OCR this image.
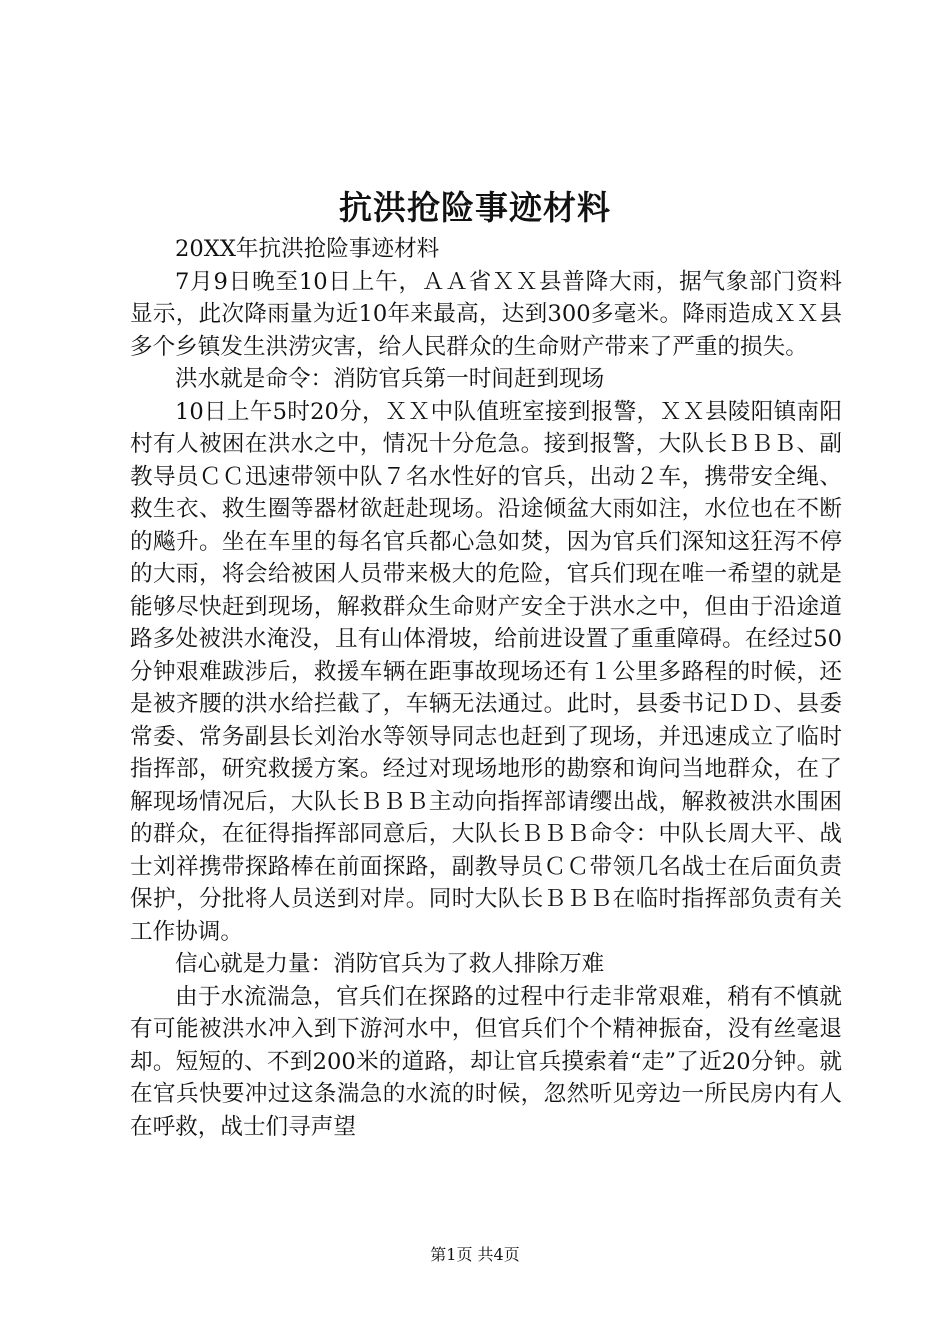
抗洪抢险事迹材料

20XX年抗洪抢险事迹材料

7月9日晚至10日上午，ＡＡ省ＸＸ县普降大雨，据气象部门资料显示，此次降雨量为近10年来最高，达到300多毫米。降雨造成ＸＸ县多个乡镇发生洪涝灾害，给人民群众的生命财产带来了严重的损失。

洪水就是命令：消防官兵第一时间赶到现场

10日上午5时20分，ＸＸ中队值班室接到报警，ＸＸ县陵阳镇南阳村有人被困在洪水之中，情况十分危急。接到报警，大队长ＢＢＢ、副教导员ＣＣ迅速带领中队７名水性好的官兵，出动２车，携带安全绳、救生衣、救生圈等器材欲赶赴现场。沿途倾盆大雨如注，水位也在不断的飚升。坐在车里的每名官兵都心急如焚，因为官兵们深知这狂泻不停的大雨，将会给被困人员带来极大的危险，官兵们现在唯一希望的就是能够尽快赶到现场，解救群众生命财产安全于洪水之中，但由于沿途道路多处被洪水淹没，且有山体滑坡，给前进设置了重重障碍。在经过50分钟艰难跋涉后，救援车辆在距事故现场还有１公里多路程的时候，还是被齐腰的洪水给拦截了，车辆无法通过。此时，县委书记ＤＤ、县委常委、常务副县长刘治水等领导同志也赶到了现场，并迅速成立了临时指挥部，研究救援方案。经过对现场地形的勘察和询问当地群众，在了解现场情况后，大队长ＢＢＢ主动向指挥部请缨出战，解救被洪水围困的群众，在征得指挥部同意后，大队长ＢＢＢ命令：中队长周大平、战士刘祥携带探路棒在前面探路，副教导员ＣＣ带领几名战士在后面负责保护，分批将人员送到对岸。同时大队长ＢＢＢ在临时指挥部负责有关工作协调。

信心就是力量：消防官兵为了救人排除万难

由于水流湍急，官兵们在探路的过程中行走非常艰难，稍有不慎就有可能被洪水冲入到下游河水中，但官兵们个个精神振奋，没有丝毫退却。短短的、不到200米的道路，却让官兵摸索着“走”了近20分钟。就在官兵快要冲过这条湍急的水流的时候，忽然听见旁边一所民房内有人在呼救，战士们寻声望

第1页 共4页
